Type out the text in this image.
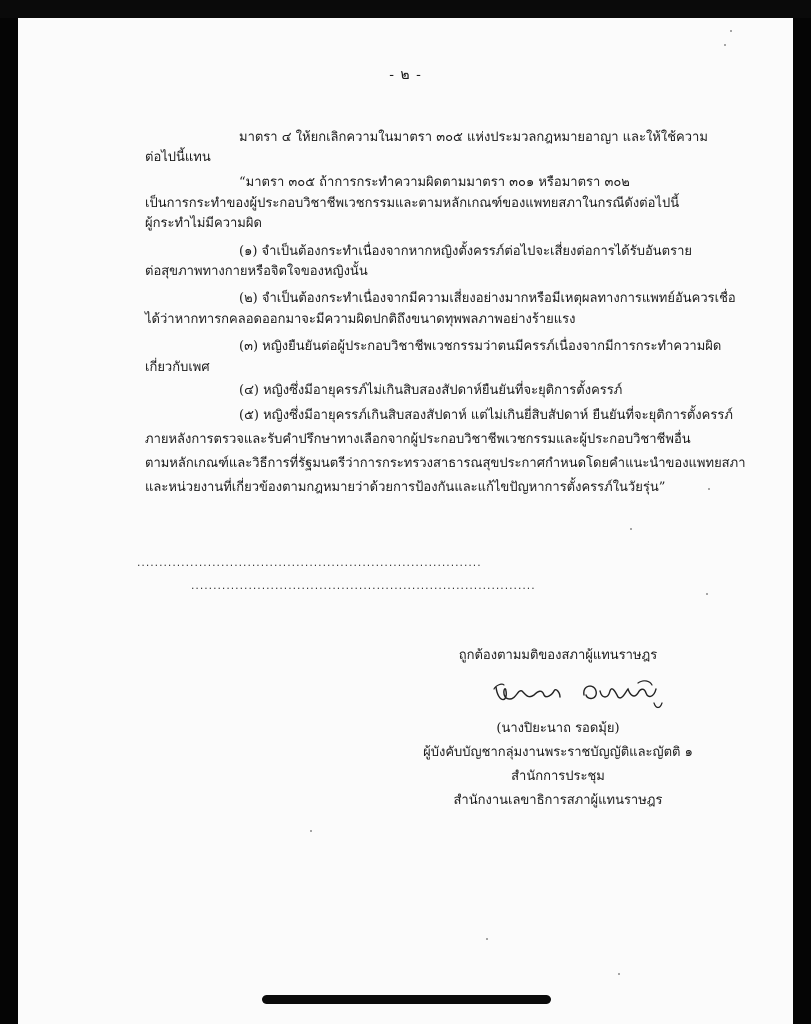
- ๒ -
มาตรา ๔ ให้ยกเลิกความในมาตรา ๓๐๕ แห่งประมวลกฎหมายอาญา และให้ใช้ความ
ต่อไปนี้แทน
“มาตรา ๓๐๕ ถ้าการกระทำความผิดตามมาตรา ๓๐๑ หรือมาตรา ๓๐๒
เป็นการกระทำของผู้ประกอบวิชาชีพเวชกรรมและตามหลักเกณฑ์ของแพทยสภาในกรณีดังต่อไปนี้
ผู้กระทำไม่มีความผิด
(๑) จำเป็นต้องกระทำเนื่องจากหากหญิงตั้งครรภ์ต่อไปจะเสี่ยงต่อการได้รับอันตราย
ต่อสุขภาพทางกายหรือจิตใจของหญิงนั้น
(๒) จำเป็นต้องกระทำเนื่องจากมีความเสี่ยงอย่างมากหรือมีเหตุผลทางการแพทย์อันควรเชื่อ
ได้ว่าหากทารกคลอดออกมาจะมีความผิดปกติถึงขนาดทุพพลภาพอย่างร้ายแรง
(๓) หญิงยืนยันต่อผู้ประกอบวิชาชีพเวชกรรมว่าตนมีครรภ์เนื่องจากมีการกระทำความผิด
เกี่ยวกับเพศ
(๔) หญิงซึ่งมีอายุครรภ์ไม่เกินสิบสองสัปดาห์ยืนยันที่จะยุติการตั้งครรภ์
(๕) หญิงซึ่งมีอายุครรภ์เกินสิบสองสัปดาห์ แต่ไม่เกินยี่สิบสัปดาห์ ยืนยันที่จะยุติการตั้งครรภ์
ภายหลังการตรวจและรับคำปรึกษาทางเลือกจากผู้ประกอบวิชาชีพเวชกรรมและผู้ประกอบวิชาชีพอื่น
ตามหลักเกณฑ์และวิธีการที่รัฐมนตรีว่าการกระทรวงสาธารณสุขประกาศกำหนดโดยคำแนะนำของแพทยสภา
และหน่วยงานที่เกี่ยวข้องตามกฎหมายว่าด้วยการป้องกันและแก้ไขปัญหาการตั้งครรภ์ในวัยรุ่น”
..............................................................................
..............................................................................
ถูกต้องตามมติของสภาผู้แทนราษฎร
(นางปิยะนาถ รอดมุ้ย)
ผู้บังคับบัญชากลุ่มงานพระราชบัญญัติและญัตติ ๑
สำนักการประชุม
สำนักงานเลขาธิการสภาผู้แทนราษฎร
